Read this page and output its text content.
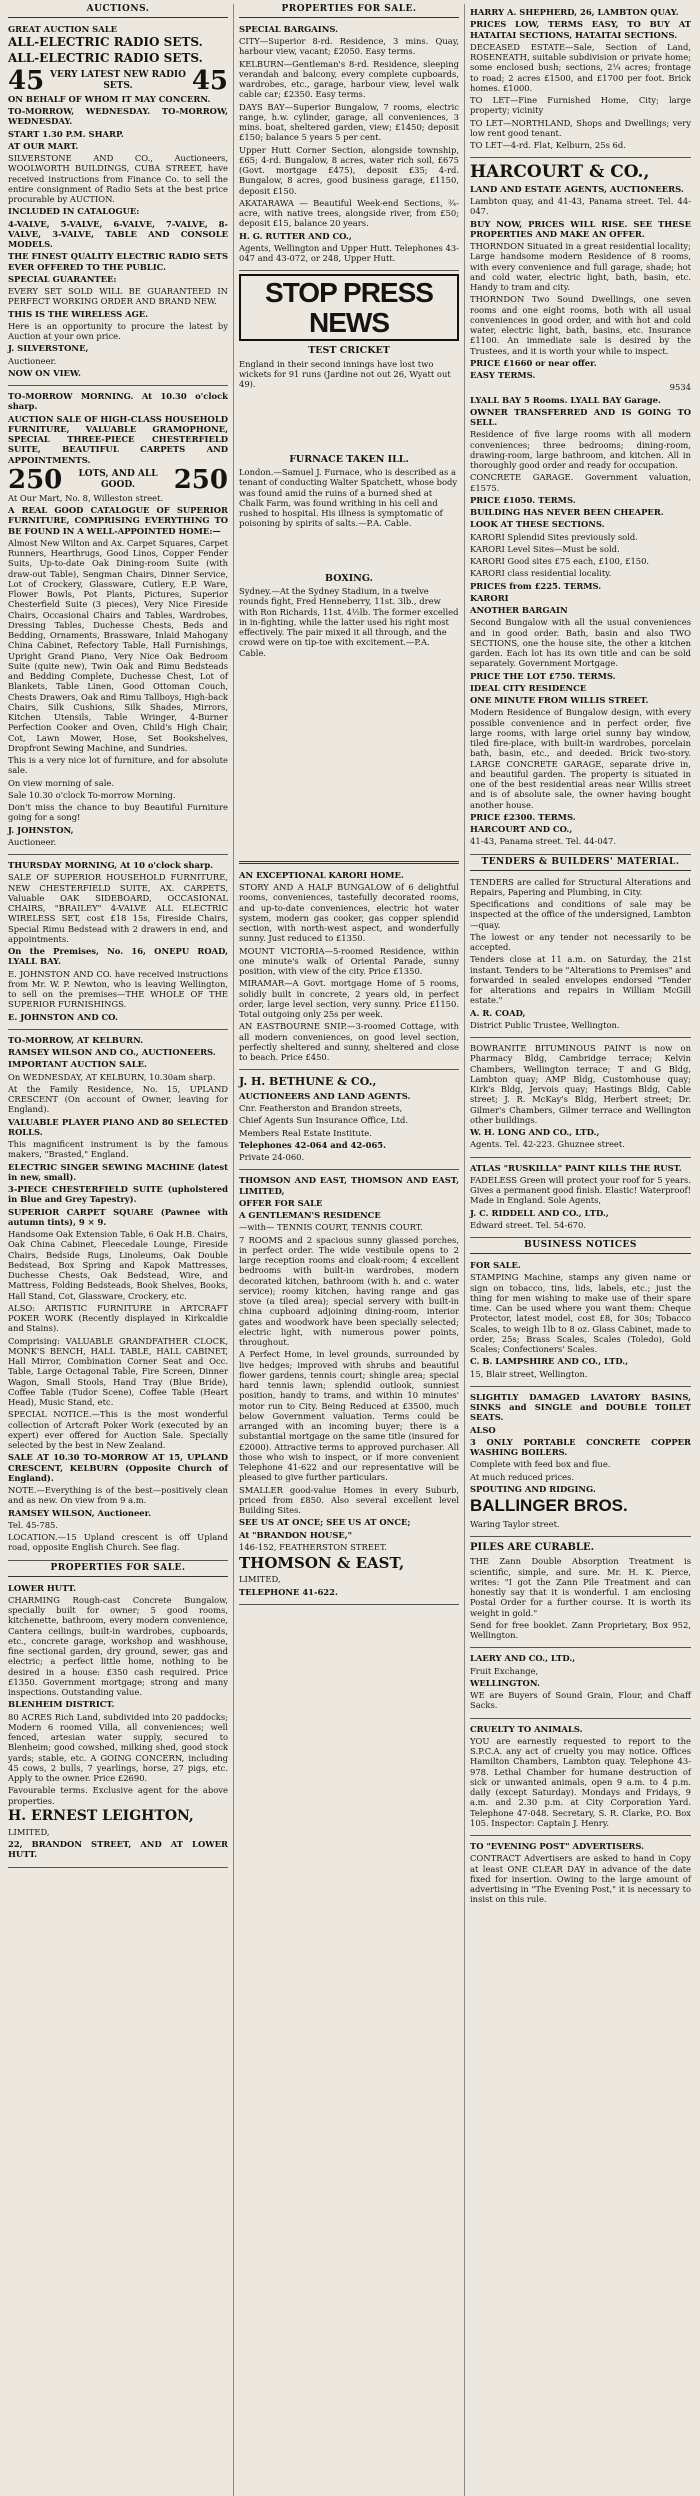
AUCTIONS.

GREAT AUCTION SALE

ALL-ELECTRIC RADIO SETS.

ALL-ELECTRIC RADIO SETS.

45 VERY LATEST NEW RADIO SETS.	45

ON BEHALF OF WHOM IT MAY CONCERN.

TO-MORROW, WEDNESDAY. TO-MORROW, WEDNESDAY.

START 1.30 P.M. SHARP.

AT OUR MART.

SILVERSTONE AND CO., Auctioneers, WOOLWORTH BUILDINGS, CUBA STREET, have received instructions from Finance Co. to sell the entire consignment of Radio Sets at the best price procurable by AUCTION.

INCLUDED IN CATALOGUE:

4-VALVE, 5-VALVE, 6-VALVE, 7-VALVE, 8-VALVE, 3-VALVE, TABLE AND CONSOLE MODELS.

THE FINEST QUALITY ELECTRIC RADIO SETS EVER OFFERED TO THE PUBLIC.

SPECIAL GUARANTEE:

EVERY SET SOLD WILL BE GUARANTEED IN PERFECT WORKING ORDER AND BRAND NEW.

THIS IS THE WIRELESS AGE.

Here is an opportunity to procure the latest by Auction at your own price.

J. SILVERSTONE,

Auctioneer.

NOW ON VIEW.

TO-MORROW MORNING. At 10.30 o'clock sharp.

AUCTION SALE OF HIGH-CLASS HOUSEHOLD FURNITURE, VALUABLE GRAMOPHONE, SPECIAL THREE-PIECE CHESTERFIELD SUITE, BEAUTIFUL CARPETS AND APPOINTMENTS.

250	LOTS, AND ALL GOOD.	250

At Our Mart, No. 8, Willeston street.

A REAL GOOD CATALOGUE OF SUPERIOR FURNITURE, COMPRISING EVERYTHING TO BE FOUND IN A WELL-APPOINTED HOME:—

Almost New Wilton and Ax. Carpet Squares, Carpet Runners, Hearthrugs, Good Linos, Copper Fender Suits, Up-to-date Oak Dining-room Suite (with draw-out Table), Sengman Chairs, Dinner Service, Lot of Crockery, Glassware, Cutlery, E.P. Ware, Flower Bowls, Pot Plants, Pictures, Superior Chesterfield Suite (3 pieces), Very Nice Fireside Chairs, Occasional Chairs and Tables, Wardrobes, Dressing Tables, Duchesse Chests, Beds and Bedding, Ornaments, Brassware, Inlaid Mahogany China Cabinet, Refectory Table, Hall Furnishings, Upright Grand Piano, Very Nice Oak Bedroom Suite (quite new), Twin Oak and Rimu Bedsteads and Bedding Complete, Duchesse Chest, Lot of Blankets, Table Linen, Good Ottoman Couch, Chests Drawers, Oak and Rimu Tallboys, High-back Chairs, Silk Cushions, Silk Shades, Mirrors, Kitchen Utensils, Table Wringer, 4-Burner Perfection Cooker and Oven, Child's High Chair, Cot, Lawn Mower, Hose, Set Bookshelves, Dropfront Sewing Machine, and Sundries.

This is a very nice lot of furniture, and for absolute sale.

On view morning of sale.

Sale 10.30 o'clock To-morrow Morning.

Don't miss the chance to buy Beautiful Furniture going for a song!

J. JOHNSTON,

Auctioneer.

THURSDAY MORNING, At 10 o'clock sharp.

SALE OF SUPERIOR HOUSEHOLD FURNITURE, NEW CHESTERFIELD SUITE, AX. CARPETS, Valuable OAK SIDEBOARD, OCCASIONAL CHAIRS, "BRAILEY" 4-VALVE ALL ELECTRIC WIRELESS SET, cost £18 15s, Fireside Chairs, Special Rimu Bedstead with 2 drawers in end, and appointments.

On the Premises, No. 16, ONEPU ROAD, LYALL BAY.

E. JOHNSTON AND CO. have received instructions from Mr. W. P. Newton, who is leaving Wellington, to sell on the premises—THE WHOLE OF THE SUPERIOR FURNISHINGS.

E. JOHNSTON AND CO.

TO-MORROW, AT KELBURN.

RAMSEY WILSON AND CO., AUCTIONEERS.

IMPORTANT AUCTION SALE.

On WEDNESDAY, AT KELBURN, 10.30am sharp.

At the Family Residence, No. 15, UPLAND CRESCENT (On account of Owner, leaving for England).

VALUABLE PLAYER PIANO AND 80 SELECTED ROLLS.

This magnificent instrument is by the famous makers, "Brasted," England.

ELECTRIC SINGER SEWING MACHINE (latest in new, small).

3-PIECE CHESTERFIELD SUITE (upholstered in Blue and Grey Tapestry).

SUPERIOR CARPET SQUARE (Pawnee with autumn tints), 9 × 9.

Handsome Oak Extension Table, 6 Oak H.B. Chairs, Oak China Cabinet, Fleecedale Lounge, Fireside Chairs, Bedside Rugs, Linoleums, Oak Double Bedstead, Box Spring and Kapok Mattresses, Duchesse Chests, Oak Bedstead, Wire, and Mattress, Folding Bedsteads, Book Shelves, Books, Hall Stand, Cot, Glassware, Crockery, etc.

ALSO: ARTISTIC FURNITURE in ARTCRAFT POKER WORK (Recently displayed in Kirkcaldie and Stains).

Comprising: VALUABLE GRANDFATHER CLOCK, MONK'S BENCH, HALL TABLE, HALL CABINET, Hall Mirror, Combination Corner Seat and Occ. Table, Large Octagonal Table, Fire Screen, Dinner Wagon, Small Stools, Hand Tray (Blue Bride), Coffee Table (Tudor Scene), Coffee Table (Heart Head), Music Stand, etc.

SPECIAL NOTICE.—This is the most wonderful collection of Artcraft Poker Work (executed by an expert) ever offered for Auction Sale. Specially selected by the best in New Zealand.

SALE AT 10.30 TO-MORROW AT 15, UPLAND CRESCENT, KELBURN (Opposite Church of England).

NOTE.—Everything is of the best—positively clean and as new. On view from 9 a.m.

RAMSEY WILSON, Auctioneer.

Tel. 45-785.

LOCATION.—15 Upland crescent is off Upland road, opposite English Church. See flag.

PROPERTIES FOR SALE.

LOWER HUTT.

CHARMING Rough-cast Concrete Bungalow, specially built for owner; 5 good rooms, kitchenette, bathroom, every modern convenience, Cantera ceilings, built-in wardrobes, cupboards, etc., concrete garage, workshop and washhouse, fine sectional garden, dry ground, sewer, gas and electric; a perfect little home, nothing to be desired in a house: £350 cash required. Price £1350. Government mortgage; strong and many inspections. Outstanding value.

BLENHEIM DISTRICT.

80 ACRES Rich Land, subdivided into 20 paddocks; Modern 6 roomed Villa, all conveniences; well fenced, artesian water supply, secured to Blenheim; good cowshed, milking shed, good stock yards; stable, etc. A GOING CONCERN, including 45 cows, 2 bulls, 7 yearlings, horse, 27 pigs, etc. Apply to the owner. Price £2690.

Favourable terms. Exclusive agent for the above properties.

H. ERNEST LEIGHTON,

LIMITED,

22, BRANDON STREET, AND AT LOWER HUTT.

PROPERTIES FOR SALE.

SPECIAL BARGAINS.

CITY—Superior 8-rd. Residence, 3 mins. Quay, harbour view, vacant; £2050. Easy terms.

KELBURN—Gentleman's 8-rd. Residence, sleeping verandah and balcony, every complete cupboards, wardrobes, etc., garage, harbour view, level walk cable car; £2350. Easy terms.

DAYS BAY—Superior Bungalow, 7 rooms, electric range, h.w. cylinder, garage, all conveniences, 3 mins. boat, sheltered garden, view; £1450; deposit £150; balance 5 years 5 per cent.

Upper Hutt Corner Section, alongside township, £65; 4-rd. Bungalow, 8 acres, water rich soil, £675 (Govt. mortgage £475), deposit £35; 4-rd. Bungalow, 8 acres, good business garage, £1150, deposit £150.

AKATARAWA — Beautiful Week-end Sections, ¾-acre, with native trees, alongside river, from £50; deposit £15, balance 20 years.

H. G. RUTTER AND CO.,

Agents, Wellington and Upper Hutt. Telephones 43-047 and 43-072, or 248, Upper Hutt.

STOP PRESS NEWS
TEST CRICKET

England in their second innings have lost two wickets for 91 runs (Jardine not out 26, Wyatt out 49).

FURNACE TAKEN ILL.

London.—Samuel J. Furnace, who is described as a tenant of conducting Walter Spatchett, whose body was found amid the ruins of a burned shed at Chalk Farm, was found writhing in his cell and rushed to hospital. His illness is symptomatic of poisoning by spirits of salts.—P.A. Cable.

BOXING.

Sydney.—At the Sydney Stadium, in a twelve rounds fight, Fred Henneberry, 11st. 3lb., drew with Ron Richards, 11st. 4½lb. The former excelled in in-fighting, while the latter used his right most effectively. The pair mixed it all through, and the crowd were on tip-toe with excitement.—P.A. Cable.

AN EXCEPTIONAL KARORI HOME.

STORY AND A HALF BUNGALOW of 6 delightful rooms, conveniences, tastefully decorated rooms, and up-to-date conveniences, electric hot water system, modern gas cooker, gas copper splendid section, with north-west aspect, and wonderfully sunny. Just reduced to £1350.

MOUNT VICTORIA—5-roomed Residence, within one minute's walk of Oriental Parade, sunny position, with view of the city. Price £1350.

MIRAMAR—A Govt. mortgage Home of 5 rooms, solidly built in concrete, 2 years old, in perfect order, large level section, very sunny. Price £1150. Total outgoing only 25s per week.

AN EASTBOURNE SNIP.—3-roomed Cottage, with all modern conveniences, on good level section, perfectly sheltered and sunny, sheltered and close to beach. Price £450.

J. H. BETHUNE & CO.,

AUCTIONEERS AND LAND AGENTS.

Cnr. Featherston and Brandon streets,

Chief Agents Sun Insurance Office, Ltd.

Members Real Estate Institute.

Telephones 42-064 and 42-065.

Private 24-060.

THOMSON AND EAST, THOMSON AND EAST, LIMITED,

OFFER FOR SALE

A GENTLEMAN'S RESIDENCE

—with— TENNIS COURT, TENNIS COURT.

7 ROOMS and 2 spacious sunny glassed porches, in perfect order. The wide vestibule opens to 2 large reception rooms and cloak-room; 4 excellent bedrooms with built-in wardrobes, modern decorated kitchen, bathroom (with h. and c. water service); roomy kitchen, having range and gas stove (a tiled area); special servery with built-in china cupboard adjoining dining-room, interior gates and woodwork have been specially selected; electric light, with numerous power points, throughout.

A Perfect Home, in level grounds, surrounded by live hedges; improved with shrubs and beautiful flower gardens, tennis court; shingle area; special hard tennis lawn; splendid outlook, sunniest position, handy to trams, and within 10 minutes' motor run to City. Being Reduced at £3500, much below Government valuation. Terms could be arranged with an incoming buyer; there is a substantial mortgage on the same title (insured for £2000). Attractive terms to approved purchaser. All those who wish to inspect, or if more convenient Telephone 41-622 and our representative will be pleased to give further particulars.

SMALLER good-value Homes in every Suburb, priced from £850. Also several excellent level Building Sites.

SEE US AT ONCE; SEE US AT ONCE;

At "BRANDON HOUSE,"

146-152, FEATHERSTON STREET.

THOMSON & EAST,

LIMITED,

TELEPHONE 41-622.

HARRY A. SHEPHERD, 26, LAMBTON QUAY.

PRICES LOW, TERMS EASY, TO BUY AT HATAITAI SECTIONS, HATAITAI SECTIONS.

DECEASED ESTATE—Sale, Section of Land, ROSENEATH, suitable subdivision or private home; some enclosed bush; sections, 2¼ acres; frontage to road; 2 acres £1500, and £1700 per foot. Brick homes. £1000.

TO LET—Fine Furnished Home, City; large property; vicinity

TO LET—NORTHLAND, Shops and Dwellings; very low rent good tenant.

TO LET—4-rd. Flat, Kelburn, 25s 6d.

HARCOURT & CO.,

LAND AND ESTATE AGENTS, AUCTIONEERS.

Lambton quay, and 41-43, Panama street. Tel. 44-047.

BUY NOW, PRICES WILL RISE. SEE THESE PROPERTIES AND MAKE AN OFFER.

THORNDON Situated in a great residential locality; Large handsome modern Residence of 8 rooms, with every convenience and full garage, shade; hot and cold water, electric light, bath, basin, etc. Handy to tram and city.

THORNDON Two Sound Dwellings, one seven rooms and one eight rooms, both with all usual conveniences in good order, and with hot and cold water, electric light, bath, basins, etc. Insurance £1100. An immediate sale is desired by the Trustees, and it is worth your while to inspect.

PRICE £1660 or near offer.

EASY TERMS.

9534

LYALL BAY 5 Rooms. LYALL BAY Garage.

OWNER TRANSFERRED AND IS GOING TO SELL.

Residence of five large rooms with all modern conveniences; three bedrooms; dining-room, drawing-room, large bathroom, and kitchen. All in thoroughly good order and ready for occupation.

CONCRETE GARAGE. Government valuation, £1575.

PRICE £1050. TERMS.

BUILDING HAS NEVER BEEN CHEAPER.

LOOK AT THESE SECTIONS.

KARORI Splendid Sites previously sold.

KARORI Level Sites—Must be sold.

KARORI Good sites £75 each, £100, £150.

KARORI class residential locality.

PRICES from £225. TERMS.

KARORI

ANOTHER BARGAIN

Second Bungalow with all the usual conveniences and in good order. Bath, basin and also TWO SECTIONS, one the house site, the other a kitchen garden. Each lot has its own title and can be sold separately. Government Mortgage.

PRICE THE LOT £750. TERMS.

IDEAL CITY RESIDENCE

ONE MINUTE FROM WILLIS STREET.

Modern Residence of Bungalow design, with every possible convenience and in perfect order, five large rooms, with large oriel sunny bay window, tiled fire-place, with built-in wardrobes, porcelain bath, basin, etc., and deeded. Brick two-story. LARGE CONCRETE GARAGE, separate drive in, and beautiful garden. The property is situated in one of the best residential areas near Willis street and is of absolute sale, the owner having bought another house.

PRICE £2300. TERMS.

HARCOURT AND CO.,

41-43, Panama street. Tel. 44-047.

TENDERS & BUILDERS' MATERIAL.

TENDERS are called for Structural Alterations and Repairs, Papering and Plumbing, in City.

Specifications and conditions of sale may be inspected at the office of the undersigned, Lambton—quay.

The lowest or any tender not necessarily to be accepted.

Tenders close at 11 a.m. on Saturday, the 21st instant. Tenders to be "Alterations to Premises" and forwarded in sealed envelopes endorsed "Tender for alterations and repairs in William McGill estate."

A. R. COAD,

District Public Trustee, Wellington.

BOWRANITE BITUMINOUS PAINT is now on Pharmacy Bldg, Cambridge terrace; Kelvin Chambers, Wellington terrace; T and G Bldg, Lambton quay; AMP Bldg, Customhouse quay; Kirk's Bldg, Jervois quay; Hastings Bldg, Cable street; J. R. McKay's Bldg, Herbert street; Dr. Gilmer's Chambers, Gilmer terrace and Wellington other buildings.

W. H. LONG AND CO., LTD.,

Agents. Tel. 42-223. Ghuznee street.

ATLAS "RUSKILLA" PAINT KILLS THE RUST.

FADELESS Green will protect your roof for 5 years. Gives a permanent good finish. Elastic! Waterproof! Made in England. Sole Agents,

J. C. RIDDELL AND CO., LTD.,

Edward street. Tel. 54-670.

BUSINESS NOTICES

FOR SALE.

STAMPING Machine, stamps any given name or sign on tobacco, tins, lids, labels, etc.; just the thing for men wishing to make use of their spare time. Can be used where you want them: Cheque Protector, latest model, cost £8, for 30s; Tobacco Scales, to weigh 1lb to 8 oz. Glass Cabinet, made to order, 25s; Brass Scales, Scales (Toledo), Gold Scales; Confectioners' Scales.

C. B. LAMPSHIRE AND CO., LTD.,

15, Blair street, Wellington.

SLIGHTLY DAMAGED LAVATORY BASINS, SINKS and SINGLE and DOUBLE TOILET SEATS.

ALSO

3 ONLY PORTABLE CONCRETE COPPER WASHING BOILERS.

Complete with feed box and flue.

At much reduced prices.

SPOUTING AND RIDGING.

BALLINGER BROS.

Waring Taylor street.

PILES ARE CURABLE.

THE Zann Double Absorption Treatment is scientific, simple, and sure. Mr. H. K. Pierce, writes: "I got the Zann Pile Treatment and can honestly say that it is wonderful. I am enclosing Postal Order for a further course. It is worth its weight in gold."

Send for free booklet. Zann Proprietary, Box 952, Wellington.

LAERY AND CO., LTD.,

Fruit Exchange,

WELLINGTON.

WE are Buyers of Sound Grain, Flour, and Chaff Sacks.

CRUELTY TO ANIMALS.

YOU are earnestly requested to report to the S.P.C.A. any act of cruelty you may notice. Offices Hamilton Chambers, Lambton quay. Telephone 43-978. Lethal Chamber for humane destruction of sick or unwanted animals, open 9 a.m. to 4 p.m. daily (except Saturday). Mondays and Fridays, 9 a.m. and 2.30 p.m. at City Corporation Yard. Telephone 47-048. Secretary, S. R. Clarke, P.O. Box 105. Inspector: Captain J. Henry.

TO "EVENING POST" ADVERTISERS.

CONTRACT Advertisers are asked to hand in Copy at least ONE CLEAR DAY in advance of the date fixed for insertion. Owing to the large amount of advertising in "The Evening Post," it is necessary to insist on this rule.
